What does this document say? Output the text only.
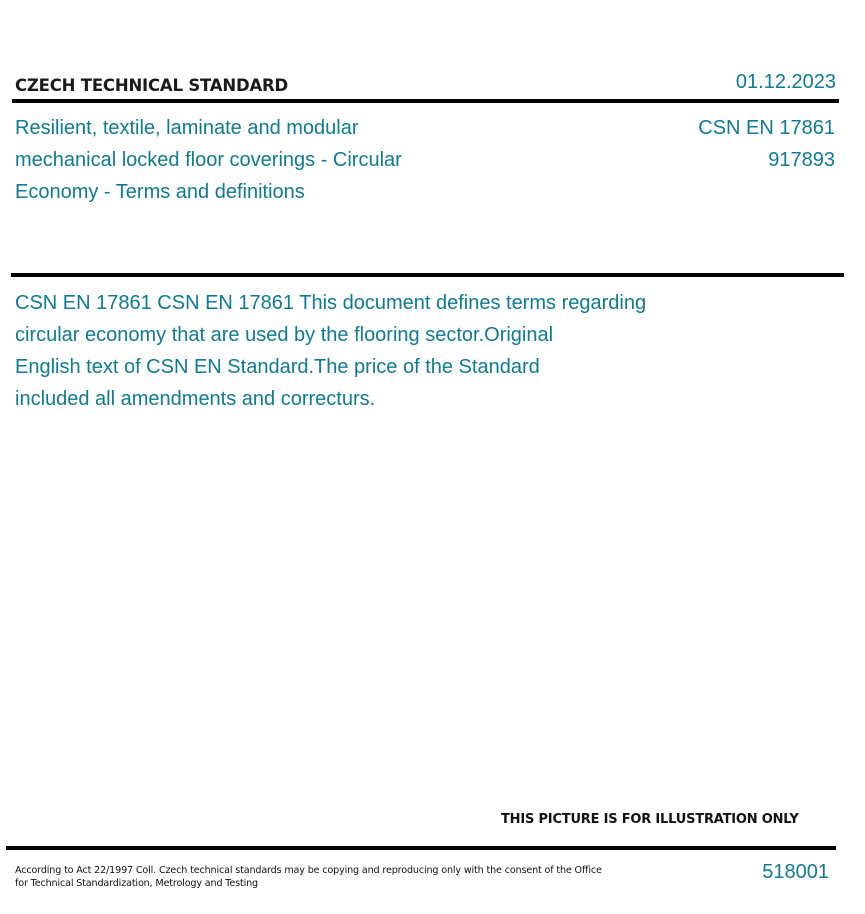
CZECH TECHNICAL STANDARD	01.12.2023
Resilient, textile, laminate and modular
mechanical locked floor coverings - Circular
Economy - Terms and definitions
CSN EN 17861
917893
CSN EN 17861 CSN EN 17861 This document defines terms regarding
circular economy that are used by the flooring sector.Original
English text of CSN EN Standard.The price of the Standard
included all amendments and correcturs.
THIS PICTURE IS FOR ILLUSTRATION ONLY
According to Act 22/1997 Coll. Czech technical standards may be copying and reproducing only with the consent of the Office
for Technical Standardization, Metrology and Testing
518001
